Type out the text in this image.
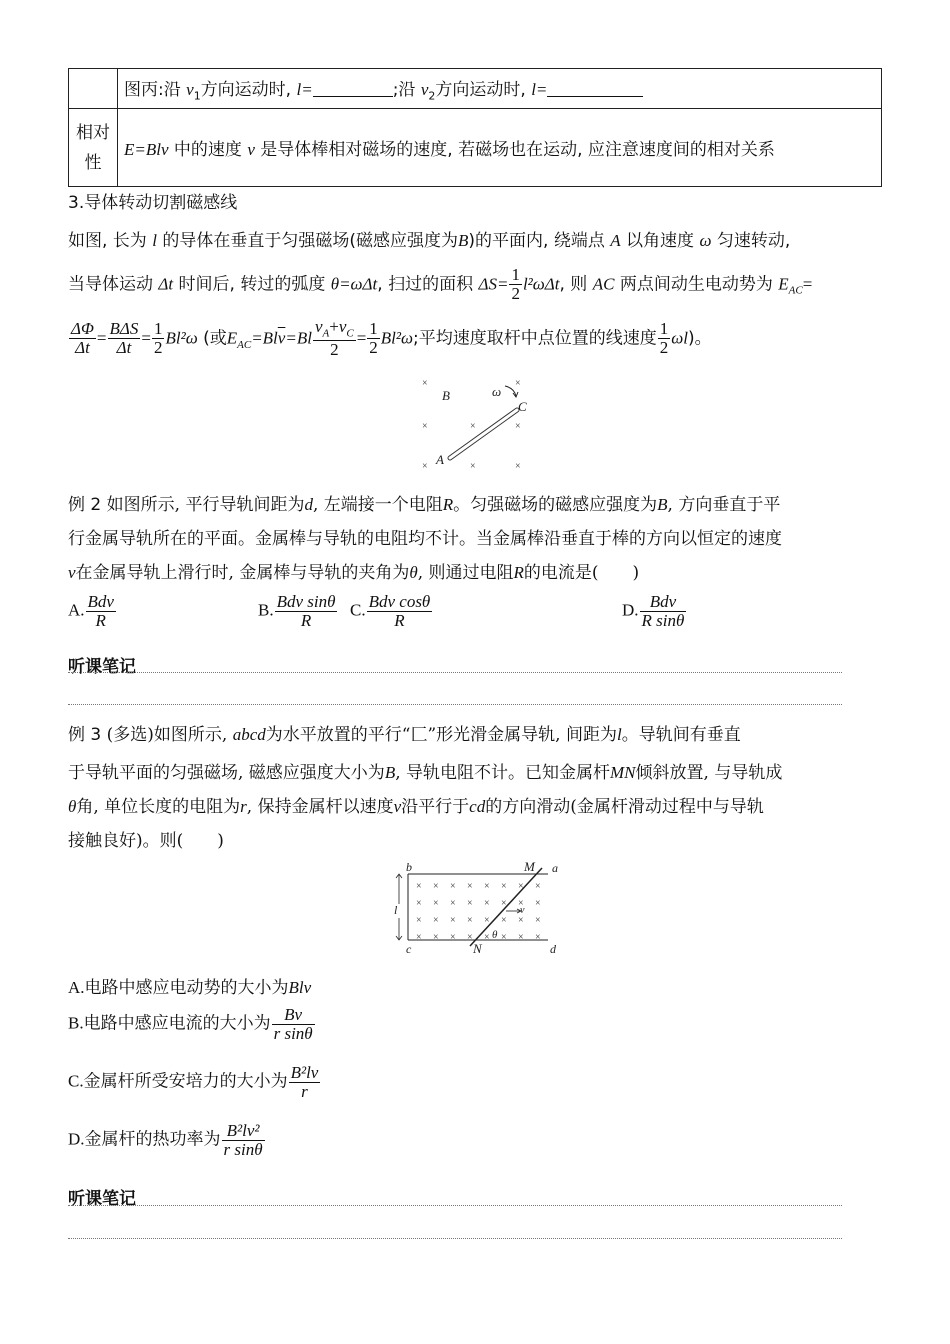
	图丙:沿 $v_1$方向运动时, l= ;沿 $v_2$方向运动时, l=
相对
性	E=Blv 中的速度 v 是导体棒相对磁场的速度, 若磁场也在运动, 应注意速度间的相对关系
3.导体转动切割磁感线
如图, 长为 l 的导体在垂直于匀强磁场(磁感应强度为B)的平面内, 绕端点 A 以角速度 ω 匀速转动,
当导体运动 Δt 时间后, 转过的弧度 θ=ωΔt, 扫过的面积 $\Delta S= \frac{1}{2} l^2\omega\Delta t$, 则 AC 两点间动生电动势为 $E_{AC}=$
$\frac{\Delta\Phi}{\Delta t} = \frac{\text{BΔS}}{\Delta t} = \frac{1}{2} Bl^2\omega$ (或$E_{AC}=Bl\overline{v}=Bl \frac{v_A+v_C}{2} = \frac{1}{2} Bl^2\omega$;平均速度取杆中点位置的线速度 $\frac{1}{2} \omega l$)。
×	×
×	×	×
×	×	×
B	ω
C
A
例 2 如图所示, 平行导轨间距为d, 左端接一个电阻R。匀强磁场的磁感应强度为B, 方向垂直于平
行金属导轨所在的平面。金属棒与导轨的电阻均不计。当金属棒沿垂直于棒的方向以恒定的速度
v在金属导轨上滑行时, 金属棒与导轨的夹角为θ, 则通过电阻R的电流是(　　)
A. $\frac{\text{Bdv}}{R}$	B. $\frac{\text{Bdv sinθ}}{R} C$. $\frac{\text{Bdv cosθ}}{R}$	D. $\frac{\text{Bdv}}{\text{R sinθ}}$
听课笔记
例 3 (多选)如图所示, abcd为水平放置的平行“匚”形光滑金属导轨, 间距为l。导轨间有垂直
于导轨平面的匀强磁场, 磁感应强度大小为B, 导轨电阻不计。已知金属杆MN倾斜放置, 与导轨成
θ角, 单位长度的电阻为r, 保持金属杆以速度v沿平行于cd的方向滑动(金属杆滑动过程中与导轨
接触良好)。则(　　)
b	M a
l
c	N	d
v
θ
× × × × × × × ×
× × × × × × × ×
× × × × × × × ×
× × × × × × × ×
A.电路中感应电动势的大小为Blv
B.电路中感应电流的大小为 $\frac{Bv}{\text{r sinθ}}$
C.金属杆所受安培力的大小为 $\frac{\text{B²lv}}{r}$
D.金属杆的热功率为 $\frac{\text{B²lv²}}{\text{r sinθ}}$
听课笔记
